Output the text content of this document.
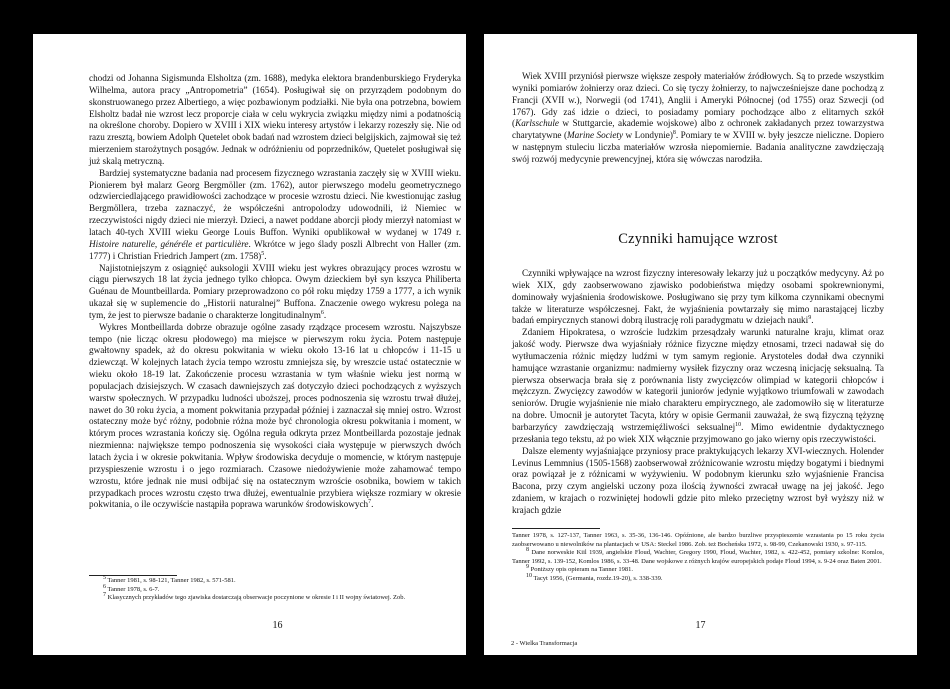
chodzi od Johanna Sigismunda Elsholtza (zm. 1688), medyka elektora brandenburskiego Fryderyka Wilhelma, autora pracy „Antropometria” (1654). Posługiwał się on przyrządem podobnym do skonstruowanego przez Albertiego, a więc pozbawionym podziałki. Nie była ona potrzebna, bowiem Elsholtz badał nie wzrost lecz proporcje ciała w celu wykrycia związku między nimi a podatnością na określone choroby. Dopiero w XVIII i XIX wieku interesy artystów i lekarzy rozeszły się. Nie od razu zresztą, bowiem Adolph Quetelet obok badań nad wzrostem dzieci belgijskich, zajmował się też mierzeniem starożytnych posągów. Jednak w odróżnieniu od poprzedników, Quetelet posługiwał się już skalą metryczną.

Bardziej systematyczne badania nad procesem fizycznego wzrastania zaczęły się w XVIII wieku. Pionierem był malarz Georg Bergmöller (zm. 1762), autor pierwszego modelu geometrycznego odzwierciedlającego prawidłowości zachodzące w procesie wzrostu dzieci. Nie kwestionując zasług Bergmöllera, trzeba zaznaczyć, że współcześni antropolodzy udowodnili, iż Niemiec w rzeczywistości nigdy dzieci nie mierzył. Dzieci, a nawet poddane aborcji płody mierzył natomiast w latach 40-tych XVIII wieku George Louis Buffon. Wyniki opublikował w wydanej w 1749 r. Histoire naturelle, généréle et particulière. Wkrótce w jego ślady poszli Albrecht von Haller (zm. 1777) i Christian Friedrich Jampert (zm. 1758)$^5$.

Najistotniejszym z osiągnięć auksologii XVIII wieku jest wykres obrazujący proces wzrostu w ciągu pierwszych 18 lat życia jednego tylko chłopca. Owym dzieckiem był syn kszyca Philiberta Guénau de Mountbeillarda. Pomiary przeprowadzono co pół roku między 1759 a 1777, a ich wynik ukazał się w suplemencie do „Historii naturalnej” Buffona. Znaczenie owego wykresu polega na tym, że jest to pierwsze badanie o charakterze longitudinalnym$^6$.

Wykres Montbeillarda dobrze obrazuje ogólne zasady rządzące procesem wzrostu. Najszybsze tempo (nie licząc okresu płodowego) ma miejsce w pierwszym roku życia. Potem następuje gwałtowny spadek, aż do okresu pokwitania w wieku około 13-16 lat u chłopców i 11-15 u dziewcząt. W kolejnych latach życia tempo wzrostu zmniejsza się, by wreszcie ustać ostatecznie w wieku około 18-19 lat. Zakończenie procesu wzrastania w tym właśnie wieku jest normą w populacjach dzisiejszych. W czasach dawniejszych zaś dotyczyło dzieci pochodzących z wyższych warstw społecznych. W przypadku ludności uboższej, proces podnoszenia się wzrostu trwał dłużej, nawet do 30 roku życia, a moment pokwitania przypadał później i zaznaczał się mniej ostro. Wzrost ostateczny może być różny, podobnie różna może być chronologia okresu pokwitania i moment, w którym proces wzrastania kończy się. Ogólna reguła odkryta przez Montbeillarda pozostaje jednak niezmienna: największe tempo podnoszenia się wysokości ciała występuje w pierwszych dwóch latach życia i w okresie pokwitania. Wpływ środowiska decyduje o momencie, w którym następuje przyspieszenie wzrostu i o jego rozmiarach. Czasowe niedożywienie może zahamować tempo wzrostu, które jednak nie musi odbijać się na ostatecznym wzroście osobnika, bowiem w takich przypadkach proces wzrostu często trwa dłużej, ewentualnie przybiera większe rozmiary w okresie pokwitania, o ile oczywiście nastąpiła poprawa warunków środowiskowych$^7$.

$^5$ Tanner 1981, s. 98-121, Tanner 1982, s. 571-581.
$^6$ Tanner 1978, s. 6-7.
$^7$ Klasycznych przykładów tego zjawiska dostarczają obserwacje poczynione w okresie I i II wojny światowej. Zob.
16

Wiek XVIII przyniósł pierwsze większe zespoły materiałów źródłowych. Są to przede wszystkim wyniki pomiarów żołnierzy oraz dzieci. Co się tyczy żołnierzy, to najwcześniejsze dane pochodzą z Francji (XVII w.), Norwegii (od 1741), Anglii i Ameryki Północnej (od 1755) oraz Szwecji (od 1767). Gdy zaś idzie o dzieci, to posiadamy pomiary pochodzące albo z elitarnych szkół (Karlsschule w Stuttgarcie, akademie wojskowe) albo z ochronek zakładanych przez towarzystwa charytatywne (Marine Society w Londynie)$^8$. Pomiary te w XVIII w. były jeszcze nieliczne. Dopiero w następnym stuleciu liczba materiałów wzrosła niepomiernie. Badania analityczne zawdzięczają swój rozwój medycynie prewencyjnej, która się wówczas narodziła.

Czynniki hamujące wzrost

Czynniki wpływające na wzrost fizyczny interesowały lekarzy już u początków medycyny. Aż po wiek XIX, gdy zaobserwowano zjawisko podobieństwa między osobami spokrewnionymi, dominowały wyjaśnienia środowiskowe. Posługiwano się przy tym kilkoma czynnikami obecnymi także w literaturze współczesnej. Fakt, że wyjaśnienia powtarzały się mimo narastającej liczby badań empirycznych stanowi dobrą ilustrację roli paradygmatu w dziejach nauki$^9$.

Zdaniem Hipokratesa, o wzroście ludzkim przesądzały warunki naturalne kraju, klimat oraz jakość wody. Pierwsze dwa wyjaśniały różnice fizyczne między etnosami, trzeci nadawał się do wytłumaczenia różnic między ludźmi w tym samym regionie. Arystoteles dodał dwa czynniki hamujące wzrastanie organizmu: nadmierny wysiłek fizyczny oraz wczesną inicjację seksualną. Ta pierwsza obserwacja brała się z porównania listy zwycięzców olimpiad w kategorii chłopców i mężczyzn. Zwycięzcy zawodów w kategorii juniorów jedynie wyjątkowo triumfowali w zawodach seniorów. Drugie wyjaśnienie nie miało charakteru empirycznego, ale zadomowiło się w literaturze na dobre. Umocnił je autorytet Tacyta, który w opisie Germanii zauważał, że swą fizyczną tężyznę barbarzyńcy zawdzięczają wstrzemięźliwości seksualnej$^{10}$. Mimo ewidentnie dydaktycznego przesłania tego tekstu, aż po wiek XIX włącznie przyjmowano go jako wierny opis rzeczywistości.

Dalsze elementy wyjaśniające przyniosy prace praktykujących lekarzy XVI-wiecznych. Holender Levinus Lemmnius (1505-1568) zaobserwował zróżnicowanie wzrostu między bogatymi i biednymi oraz powiązał je z różnicami w wyżywieniu. W podobnym kierunku szło wyjaśnienie Francisa Bacona, przy czym angielski uczony poza ilością żywności zwracał uwagę na jej jakość. Jego zdaniem, w krajach o rozwiniętej hodowli gdzie pito mleko przeciętny wzrost był wyższy niż w krajach gdzie

Tanner 1978, s. 127-137, Tanner 1963, s. 35-36, 136-146. Opóźnione, ale bardzo burzliwe przyspieszenie wzrastania po 15 roku życia zaobserwowano u niewolników na plantacjach w USA: Steckel 1986. Zob. też Bocheńska 1972, s. 98-99, Czekanowski 1930, s. 97-115.
$^8$ Dane norweskie Kiil 1939, angielskie Floud, Wachter, Gregory 1990, Floud, Wachter, 1982, s. 422-452, pomiary szkolne: Komlos, Tanner 1992, s. 139-152, Komlos 1986, s. 33-48. Dane wojskowe z różnych krajów europejskich podaje Floud 1994, s. 9-24 oraz Baten 2001.
$^9$ Poniższy opis opieram na Tanner 1981.
$^{10}$ Tacyt 1956, (Germania, rozdz.19-20), s. 338-339.
17
2 - Wielka Transformacja
